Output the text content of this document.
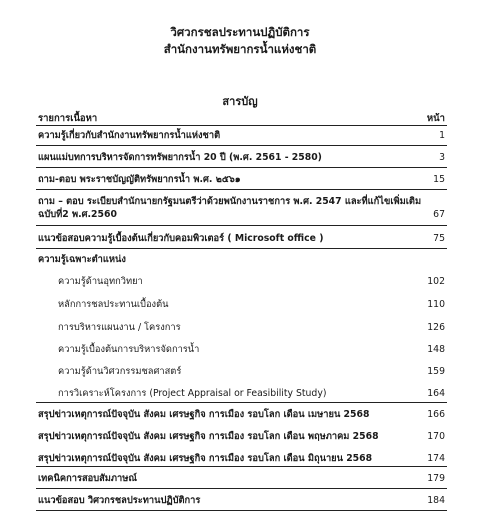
วิศวกรชลประทานปฏิบัติการ
สำนักงานทรัพยากรน้ำแห่งชาติ
สารบัญ
รายการเนื้อหา	หน้า
ความรู้เกี่ยวกับสำนักงานทรัพยากรน้ำแห่งชาติ	1
แผนแม่บทการบริหารจัดการทรัพยากรน้ำ 20 ปี (พ.ศ. 2561 - 2580)	3
ถาม-ตอบ พระราชบัญญัติทรัพยากรน้ำ พ.ศ. ๒๕๖๑	15
ถาม – ตอบ ระเบียบสำนักนายกรัฐมนตรีว่าด้วยพนักงานราชการ พ.ศ. 2547 และที่แก้ไขเพิ่มเติม ฉบับที่2 พ.ศ.2560	67
แนวข้อสอบความรู้เบื้องต้นเกี่ยวกับคอมพิวเตอร์ ( Microsoft office )	75
ความรู้เฉพาะตำแหน่ง
ความรู้ด้านอุทกวิทยา	102
หลักการชลประทานเบื้องต้น	110
การบริหารแผนงาน / โครงการ	126
ความรู้เบื้องต้นการบริหารจัดการน้ำ	148
ความรู้ด้านวิศวกรรมชลศาสตร์	159
การวิเคราะห์โครงการ (Project Appraisal or Feasibility Study)	164
สรุปข่าวเหตุการณ์ปัจจุบัน สังคม เศรษฐกิจ การเมือง รอบโลก เดือน เมษายน 2568	166
สรุปข่าวเหตุการณ์ปัจจุบัน สังคม เศรษฐกิจ การเมือง รอบโลก เดือน พฤษภาคม 2568	170
สรุปข่าวเหตุการณ์ปัจจุบัน สังคม เศรษฐกิจ การเมือง รอบโลก เดือน มิถุนายน 2568	174
เทคนิคการสอบสัมภาษณ์	179
แนวข้อสอบ วิศวกรชลประทานปฏิบัติการ	184
